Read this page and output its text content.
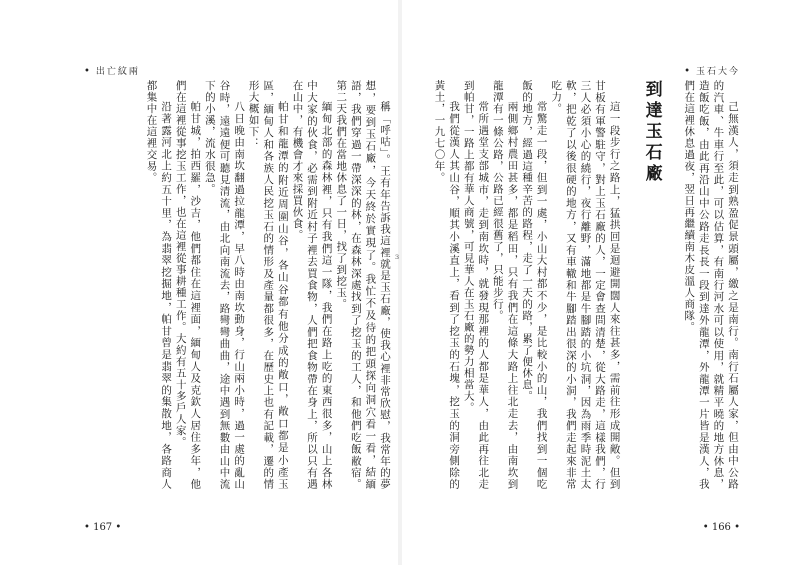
• 出亡紋兩

稱「呼咕」。王有年告訴我這裡就是玉石廠，使我心裡非常欣慰，我常年的夢想，要到玉石廠，今天終於實現了。我忙不及待的把頭探向洞穴看一看，結緬語，我們穿過一帶深深的林，在森林深處找到了挖玉的工人，和他們吃飯敝宿。第二天我們在當地休息了一日，找了到挖玉。

緬甸北部的森林裡，只有我們這一隊，我們在路上吃的東西很多，山上各林中大家的伙食，必需到附近村子裡去買食物，人們把食物帶在身上，所以只有遇在山中，有機會才來採買伙食。

帕甘和龍潭的附近周圍山谷，各山谷都有他分成的敞口，敞口都是小產玉區，緬甸人和各族人民挖玉石的情形及產量都很多，在歷史上也有記載，遷的情形大概如下：

八日晚由南坎翻過拉龍潭，早八時由南坎動身，行山兩小時，過一處的亂山谷時，遠遠便可聽見清流，由北向南流去，路彎彎曲曲，途中遇到無數由山中流下的小溪，流水很急。

帕甘城，拍西羅，沙吉，他們都住在這裡面，緬甸人及克欽人居住多年，他們在這裡從事挖玉工作，也在這裡從事耕種工作。大約有五十多戶人家。

沿著露河北上約五十里，為翡翠挖掘地，帕甘曾是翡翠的集散地，各路商人都集中在這裡交易。

• 167 •
ɜ
• 玉石大今

己無漢人，須走到熟盈促景頭屬，繳之是南行。南行石屬人家，但由中公路的汽車、牛車行至此，可以估算，有南行河水可以使用，就精平曉的地方休息，造飯吃飯，由此再沿山中公路走長長一段到達外龍潭，外龍潭一片皆是漢人，我們在這裡休息過夜，翌日再繼續南木皮溫人商隊。

到達玉石廠

這一段步行之路上，猛拱回是迴避開闊人來往甚多，需前往形成開敞。但到甘板有軍警駐守，對上玉石廠的人，一定會查問清楚，從大路走，這樣我們，行三人必須小心的繞行，夜行離野，滿地都是牛腳踏的小坑洞，因為雨季時泥土太軟，把乾了以後很硬的地方，又有車轍和牛腳踏出很深的小洞，我們走起來非常吃力。

常驚走一段，但到一處，小山大村都不少，是比較小的山，我們找到一個吃飯的地方，經過這種辛苦的路程，走了一天的路，累了便休息。

兩側鄉村農田甚多，都是稻田，只有我們在這條大路上往北走去，由南坎到龍潭有一條公路，公路已經很舊了，只能步行。

常所遇堂支部城市，走到南坎時，就發現那裡的人都是華人，由此再往北走到帕甘，一路上都有華人商號，可見華人在玉石廠的勢力相當大。

我們從漢人其山谷，順其小溪直上，看到了挖玉的石塊，挖玉的洞旁側除的黃土，一九七〇年。

• 166 •
